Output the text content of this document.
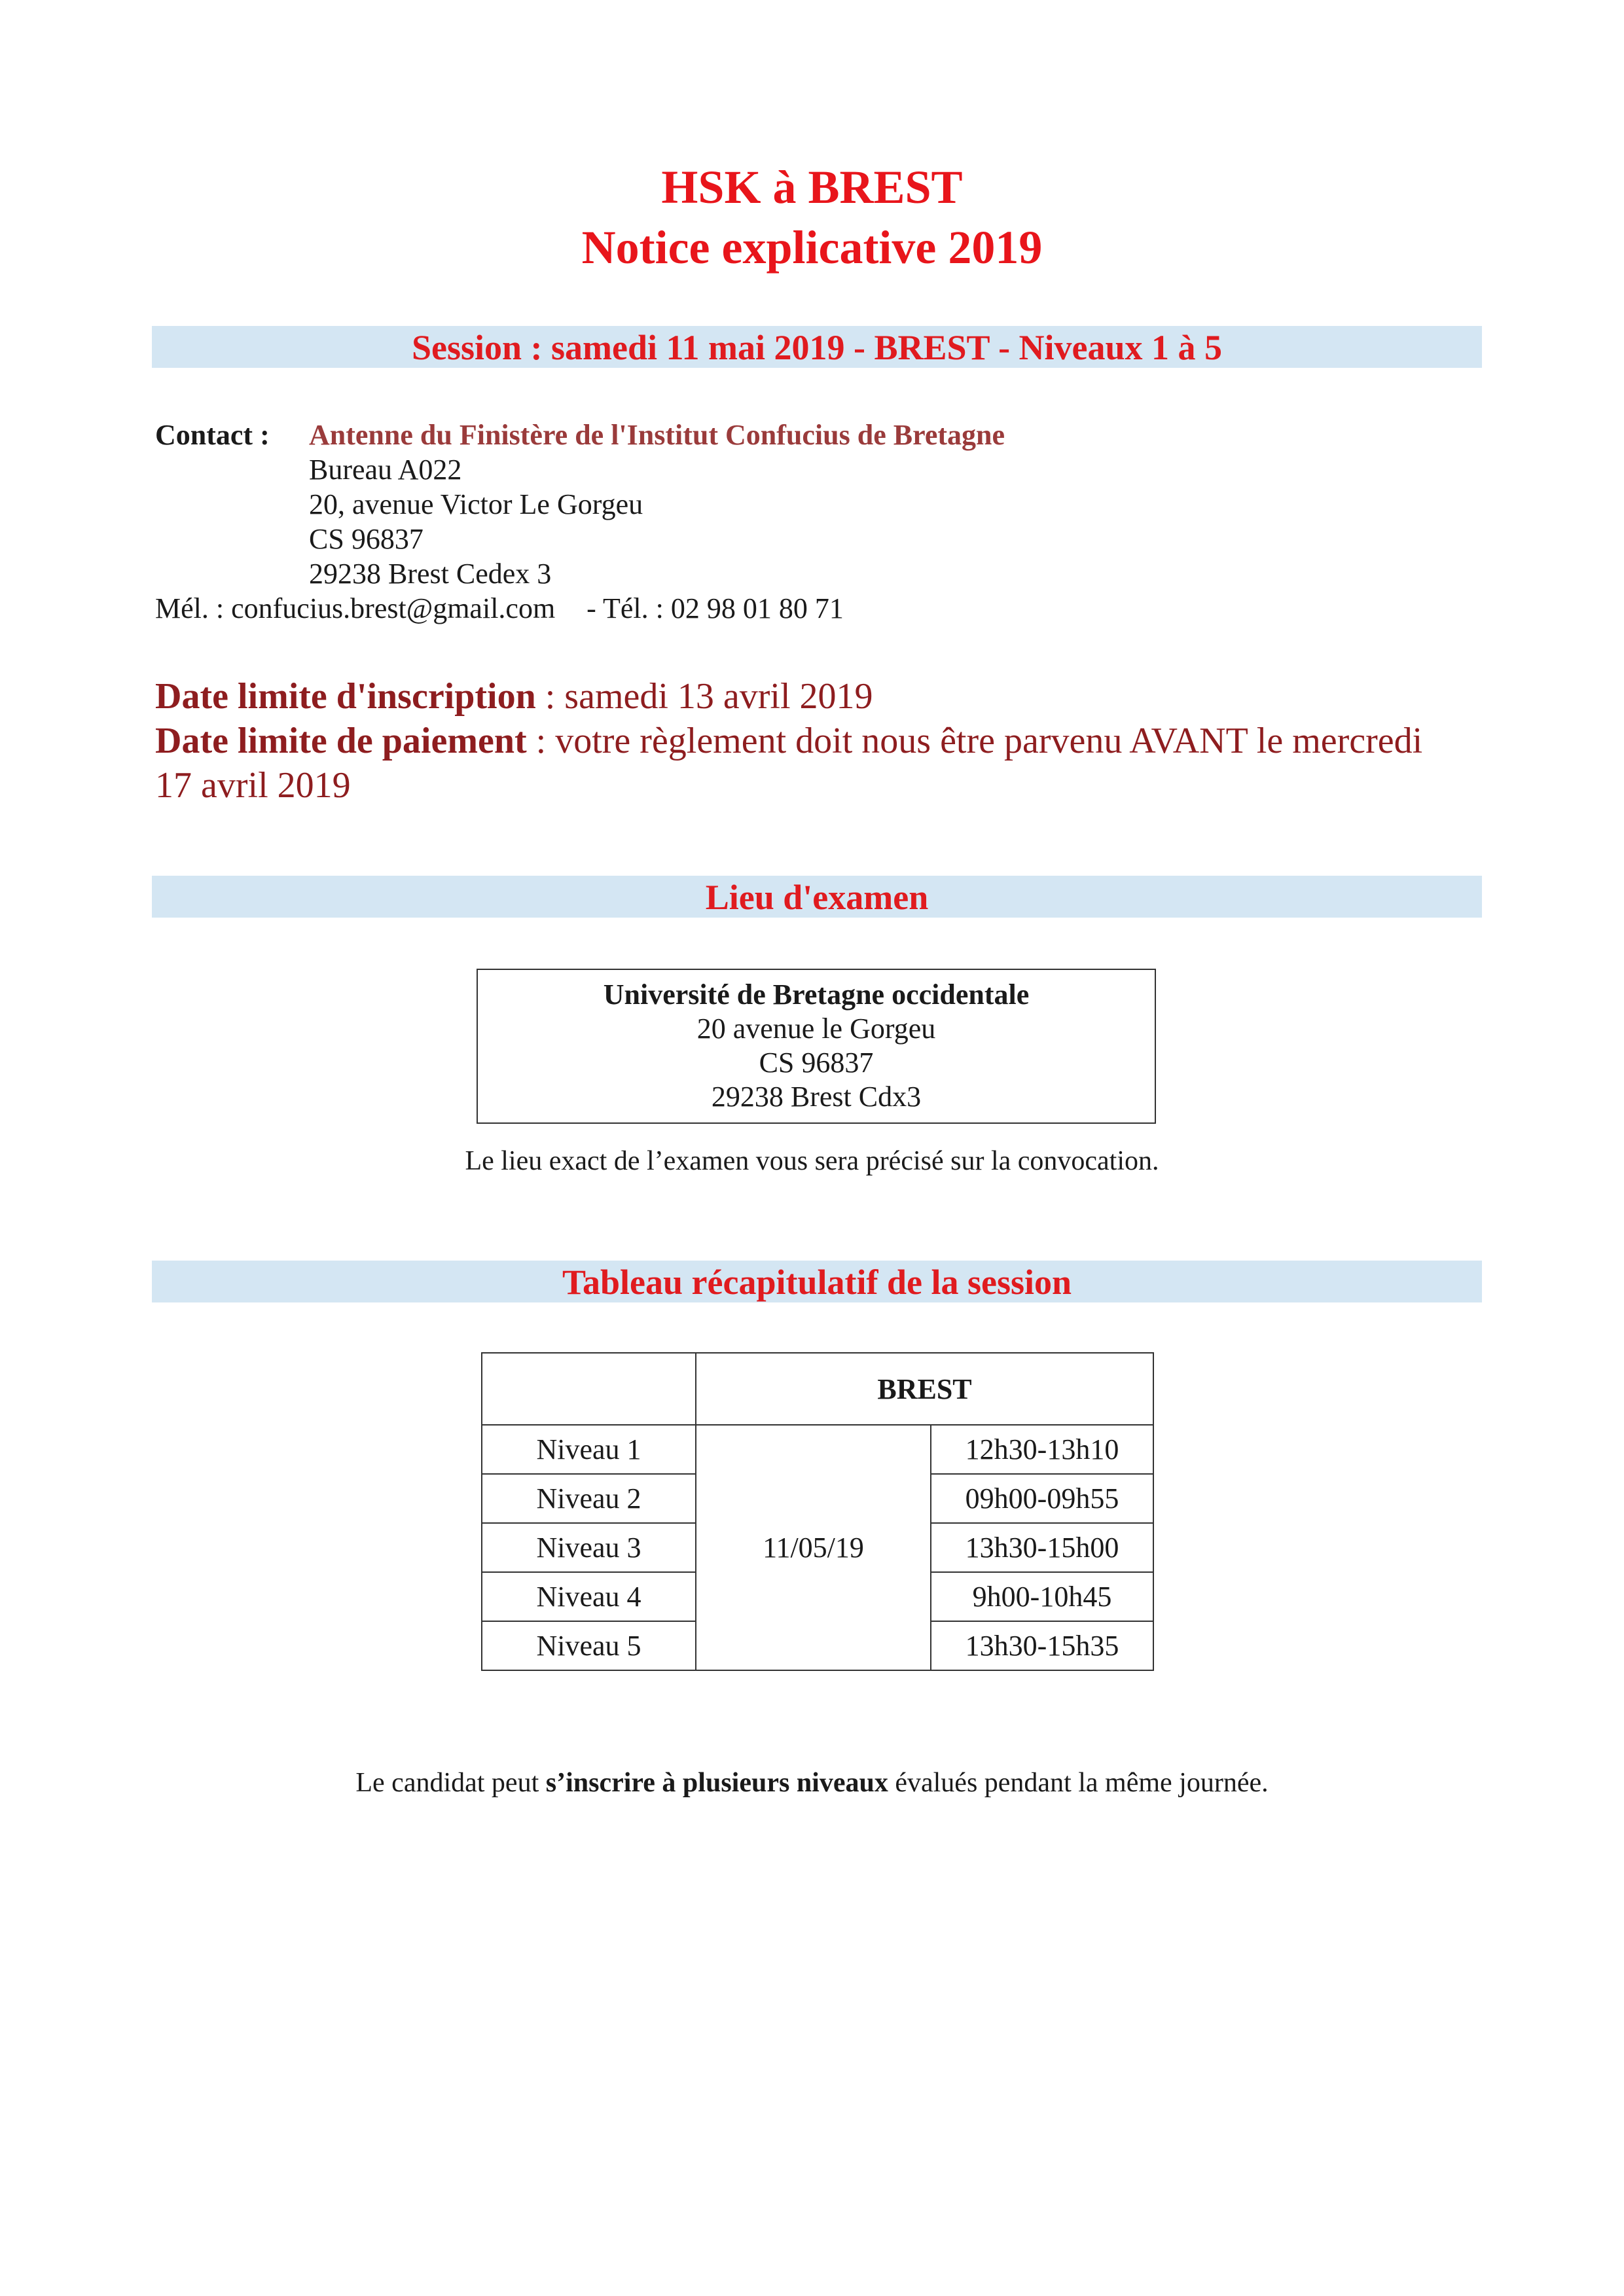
HSK à BREST
Notice explicative 2019
Session : samedi 11 mai 2019 - BREST - Niveaux 1 à 5
Contact :	Antenne du Finistère de l'Institut Confucius de Bretagne
Bureau A022
20, avenue Victor Le Gorgeu
CS 96837
29238 Brest Cedex 3
Mél. : confucius.brest@gmail.com - Tél. : 02 98 01 80 71
Date limite d'inscription : samedi 13 avril 2019
Date limite de paiement : votre règlement doit nous être parvenu AVANT le mercredi 17 avril 2019
Lieu d'examen
Université de Bretagne occidentale
20 avenue le Gorgeu
CS 96837
29238 Brest Cdx3
Le lieu exact de l’examen vous sera précisé sur la convocation.
Tableau récapitulatif de la session
	BREST	
Niveau 1	11/05/19	12h30-13h10
Niveau 2		09h00-09h55
Niveau 3		13h30-15h00
Niveau 4		9h00-10h45
Niveau 5		13h30-15h35
Le candidat peut s’inscrire à plusieurs niveaux évalués pendant la même journée.
